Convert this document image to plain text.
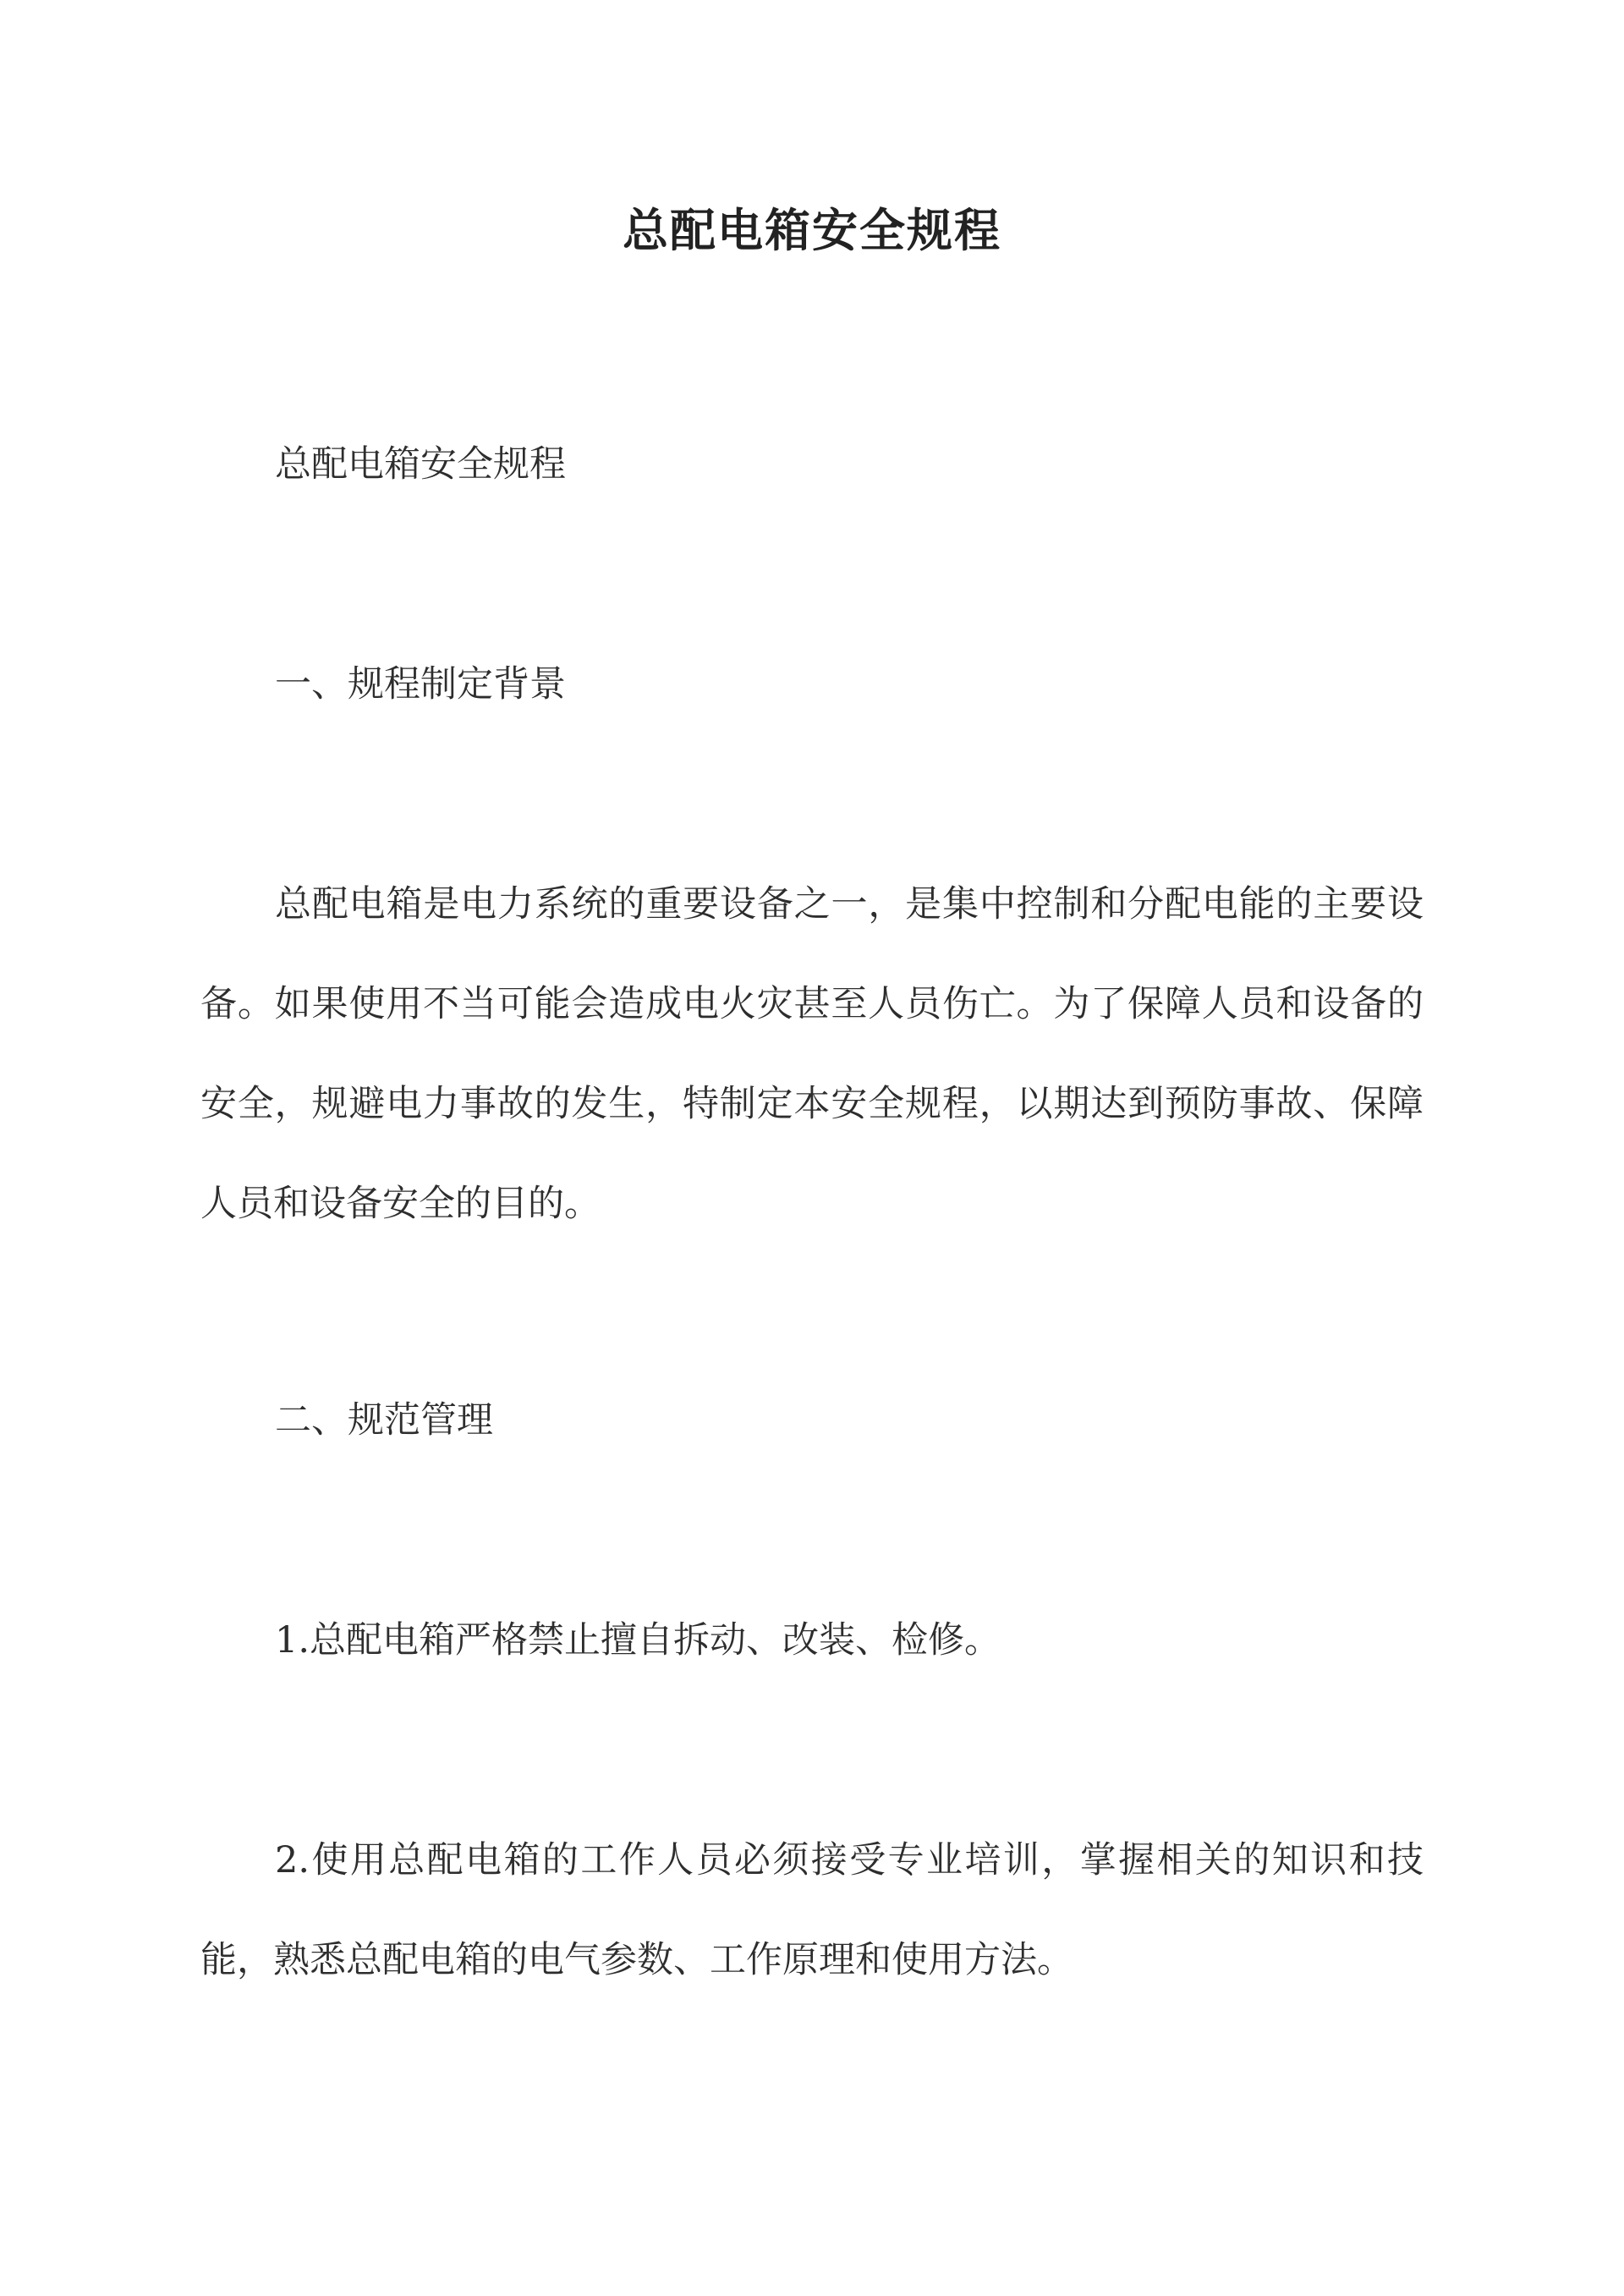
总配电箱安全规程
总配电箱安全规程
一、规程制定背景
总配电箱是电力系统的重要设备之一，是集中控制和分配电能的主要设备。如果使用不当可能会造成电火灾甚至人员伤亡。为了保障人员和设备的安全，规避电力事故的发生，特制定本安全规程，以期达到预防事故、保障人员和设备安全的目的。
二、规范管理
1.总配电箱严格禁止擅自拆动、改装、检修。
2.使用总配电箱的工作人员必须接受专业培训，掌握相关的知识和技能，熟悉总配电箱的电气参数、工作原理和使用方法。
